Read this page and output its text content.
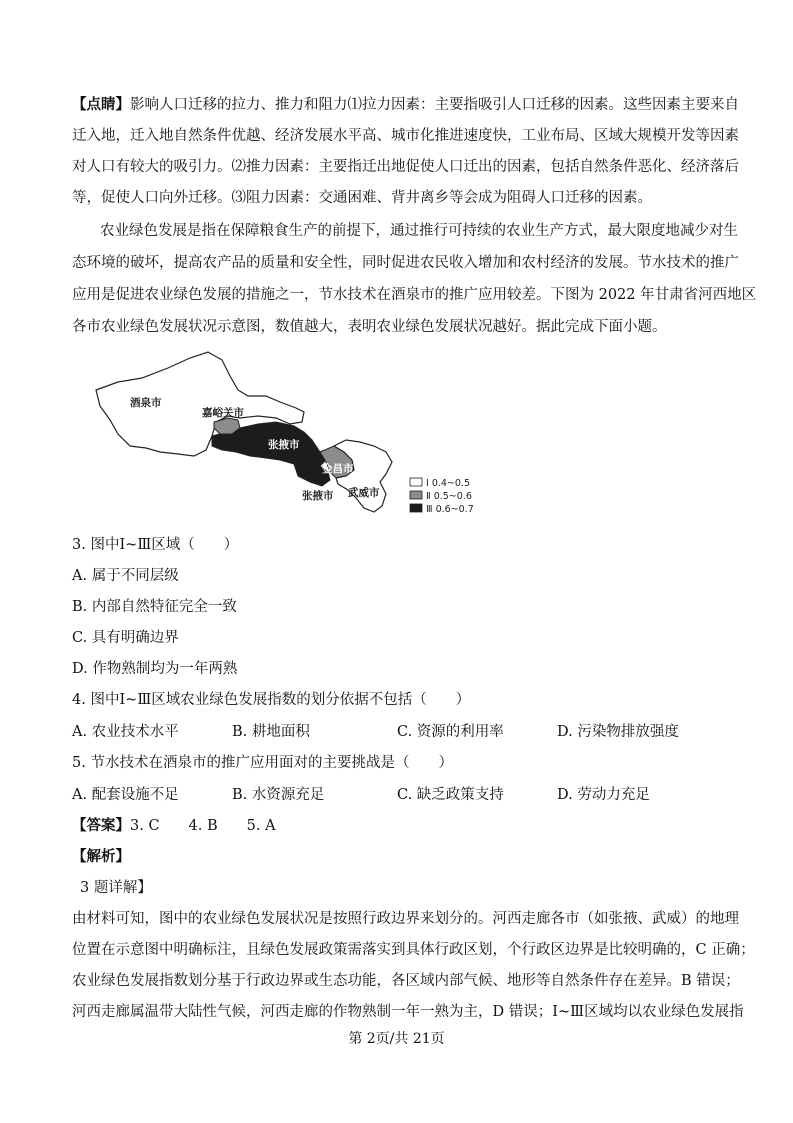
【点睛】影响人口迁移的拉力、推力和阻力⑴拉力因素：主要指吸引人口迁移的因素。这些因素主要来自
迁入地，迁入地自然条件优越、经济发展水平高、城市化推进速度快，工业布局、区域大规模开发等因素
对人口有较大的吸引力。⑵推力因素：主要指迁出地促使人口迁出的因素，包括自然条件恶化、经济落后
等，促使人口向外迁移。⑶阻力因素：交通困难、背井离乡等会成为阻碍人口迁移的因素。
农业绿色发展是指在保障粮食生产的前提下，通过推行可持续的农业生产方式，最大限度地减少对生
态环境的破坏，提高农产品的质量和安全性，同时促进农民收入增加和农村经济的发展。节水技术的推广
应用是促进农业绿色发展的措施之一，节水技术在酒泉市的推广应用较差。下图为 2022 年甘肃省河西地区
各市农业绿色发展状况示意图，数值越大，表明农业绿色发展状况越好。据此完成下面小题。
酒泉市
嘉峪关市
张掖市
金昌市
张掖市 武威市
Ⅰ 0.4~0.5
Ⅱ 0.5~0.6
Ⅲ 0.6~0.7
3. 图中Ⅰ~Ⅲ区域（　　）
A. 属于不同层级
B. 内部自然特征完全一致
C. 具有明确边界
D. 作物熟制均为一年两熟
4. 图中Ⅰ~Ⅲ区域农业绿色发展指数的划分依据不包括（　　）
A. 农业技术水平	B. 耕地面积	C. 资源的利用率	D. 污染物排放强度
5. 节水技术在酒泉市的推广应用面对的主要挑战是（　　）
A. 配套设施不足	B. 水资源充足	C. 缺乏政策支持	D. 劳动力充足
【答案】3. C　　4. B　　5. A
【解析】
3 题详解】
由材料可知，图中的农业绿色发展状况是按照行政边界来划分的。河西走廊各市（如张掖、武威）的地理
位置在示意图中明确标注，且绿色发展政策需落实到具体行政区划，个行政区边界是比较明确的，C 正确；
农业绿色发展指数划分基于行政边界或生态功能，各区域内部气候、地形等自然条件存在差异。B 错误；
河西走廊属温带大陆性气候，河西走廊的作物熟制一年一熟为主，D 错误；Ⅰ~Ⅲ区域均以农业绿色发展指
第 2页/共 21页
